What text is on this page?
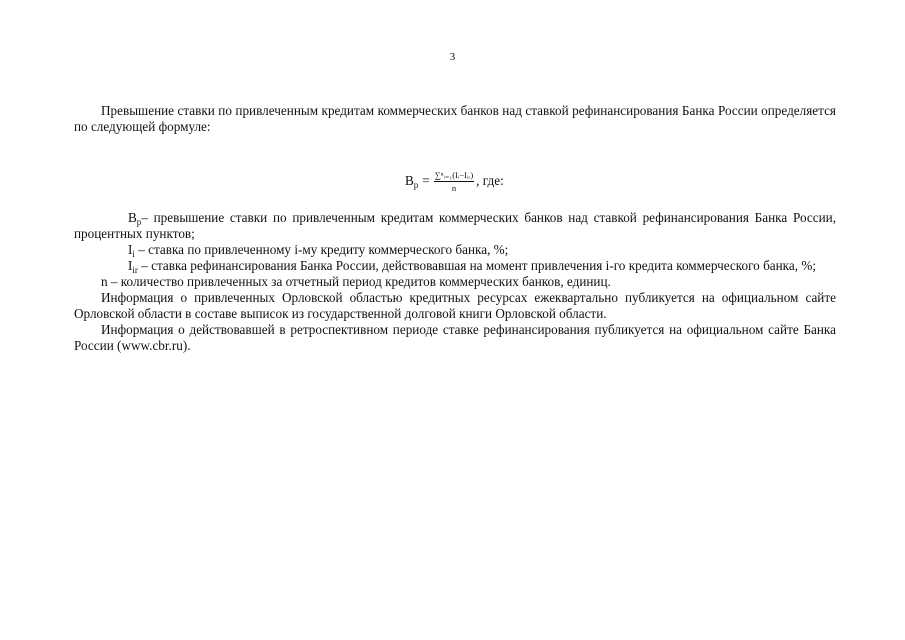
3

Превышение ставки по привлеченным кредитам коммерческих банков над ставкой рефинансирования Банка России определяется по следующей формуле:

$B_p = \frac{\text{∑ⁿᵢ₌₁(Iᵢ−Iᵢᵣ)}}{n}$ , где:

$B_p-$ превышение ставки по привлеченным кредитам коммерческих банков над ставкой рефинансирования Банка России, процентных пунктов;

$I_i$ – ставка по привлеченному i-му кредиту коммерческого банка, %;

$I_{ir}$ – ставка рефинансирования Банка России, действовавшая на момент привлечения i-го кредита коммерческого банка, %;

n – количество привлеченных за отчетный период кредитов коммерческих банков, единиц.

Информация о привлеченных Орловской областью кредитных ресурсах ежеквартально публикуется на официальном сайте Орловской области в составе выписок из государственной долговой книги Орловской области.

Информация о действовавшей в ретроспективном периоде ставке рефинансирования публикуется на официальном сайте Банка России (www.cbr.ru).
